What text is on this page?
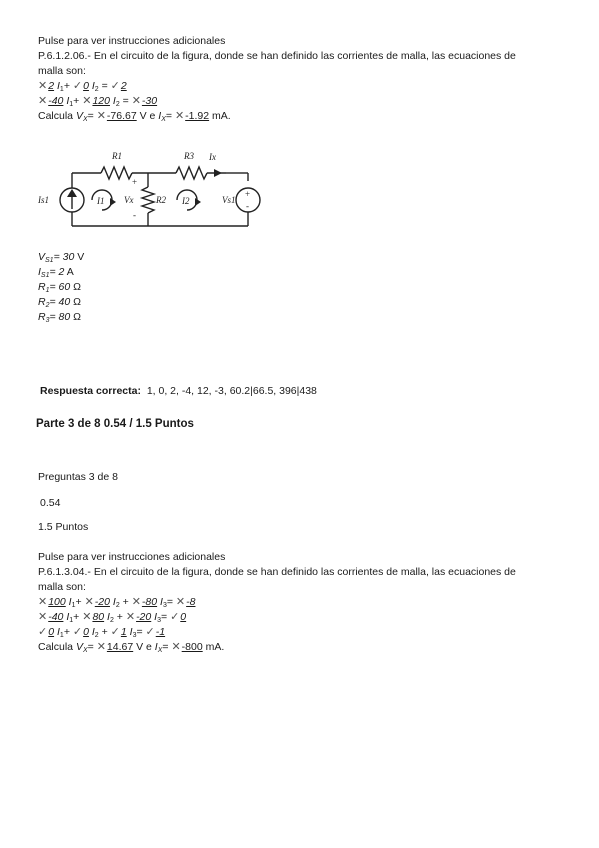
Pulse para ver instrucciones adicionales
P.6.1.2.06.- En el circuito de la figura, donde se han definido las corrientes de malla, las ecuaciones de
malla son:
✕2 $I_1+$ ✓0 $I_2$ = ✓2
✕-40 $I_1+$ ✕120 $I_2$ = ✕-30
Calcula $V_X=$ ✕-76.67 V e $I_X=$ ✕-1.92 mA.
R1	R3 Ix
Is1	I1 Vx	R2 I2	Vs1
+
-
+
-
$V_{S1}= 30$ V
$I_{S1}= 2$ A
$R_1= 60$ Ω
$R_2= 40$ Ω
$R_3= 80$ Ω
Respuesta correcta: 1, 0, 2, -4, 12, -3, 60.2|66.5, 396|438
Parte 3 de 8 0.54 / 1.5 Puntos
Preguntas 3 de 8
0.54
1.5 Puntos
Pulse para ver instrucciones adicionales
P.6.1.3.04.- En el circuito de la figura, donde se han definido las corrientes de malla, las ecuaciones de
malla son:
✕100 $I_1+$ ✕-20 $I_2$ + ✕-80 $I_3=$ ✕-8
✕-40 $I_1+$ ✕80 $I_2$ + ✕-20 $I_3=$ ✓0
✓0 $I_1+$ ✓0 $I_2$ + ✓1 $I_3=$ ✓-1
Calcula $V_X=$ ✕14.67 V e $I_X=$ ✕-800 mA.
